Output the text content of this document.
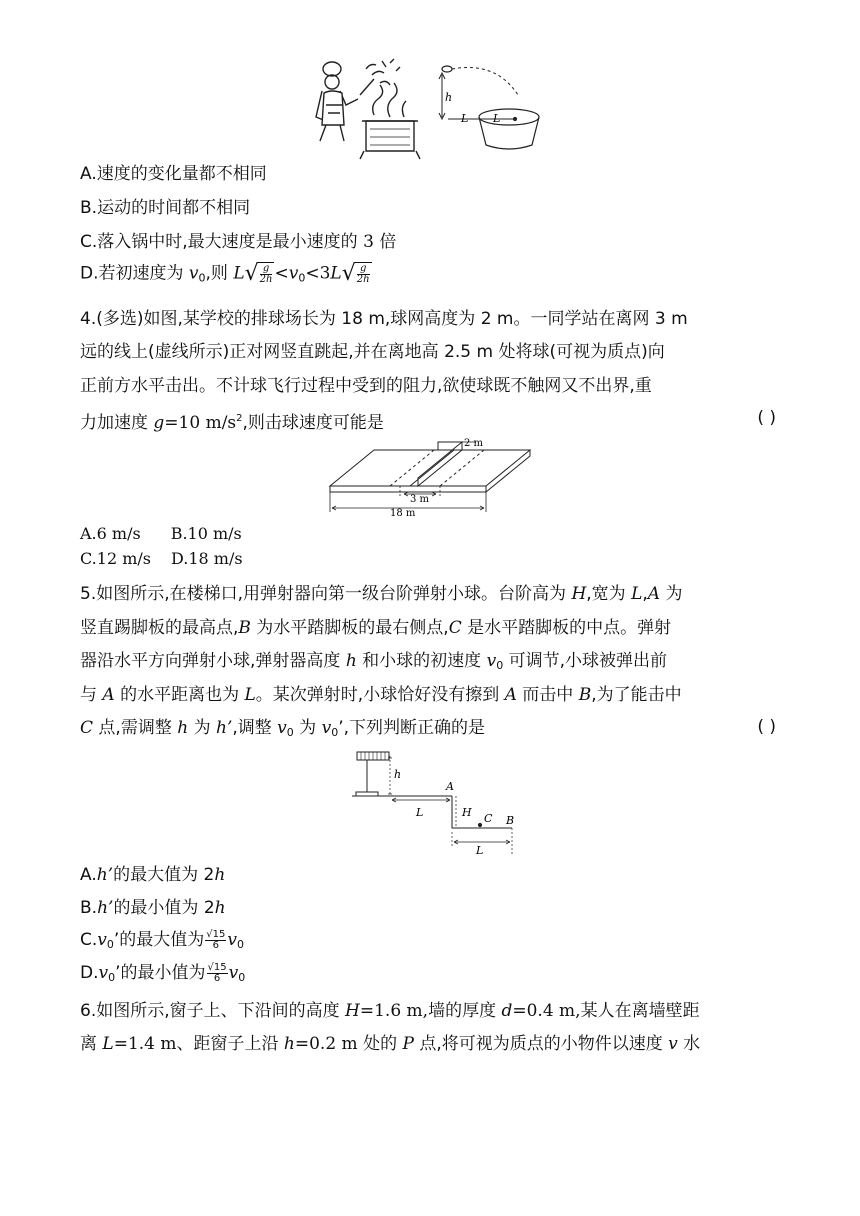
h
L L
A.速度的变化量都不相同
B.运动的时间都不相同
C.落入锅中时,最大速度是最小速度的 3 倍
D.若初速度为 $v_0$,则 $L√ \frac{g}{2h} <v_0<3L√ \frac{g}{2h}$
4.(多选)如图,某学校的排球场长为 18 m,球网高度为 2 m。一同学站在离网 3 m
远的线上(虚线所示)正对网竖直跳起,并在离地高 2.5 m 处将球(可视为质点)向
正前方水平击出。不计球飞行过程中受到的阻力,欲使球既不触网又不出界,重
力加速度 g=10 $m/s^2$,则击球速度可能是	( )
2 m
3 m
18 m
A.6 m/s B.10 m/s
C.12 m/s D.18 m/s
5.如图所示,在楼梯口,用弹射器向第一级台阶弹射小球。台阶高为 H,宽为 L,A 为
竖直踢脚板的最高点,B 为水平踏脚板的最右侧点,C 是水平踏脚板的中点。弹射
器沿水平方向弹射小球,弹射器高度 h 和小球的初速度 $v_0$ 可调节,小球被弹出前
与 A 的水平距离也为 L。某次弹射时,小球恰好没有擦到 A 而击中 B,为了能击中
C 点,需调整 h 为 h’,调整 $v_0$ 为 $v_0$’,下列判断正确的是	( )
h
A
H
L	C B
L
A.h’的最大值为 2h
B.h’的最小值为 2h
$C.v_0$’的最大值为 $\frac{√15}{6} v_0$
$D.v_0$’的最小值为 $\frac{√15}{6} v_0$
6.如图所示,窗子上、下沿间的高度 H=1.6 m,墙的厚度 d=0.4 m,某人在离墙壁距
离 L=1.4 m、距窗子上沿 h=0.2 m 处的 P 点,将可视为质点的小物件以速度 v 水
